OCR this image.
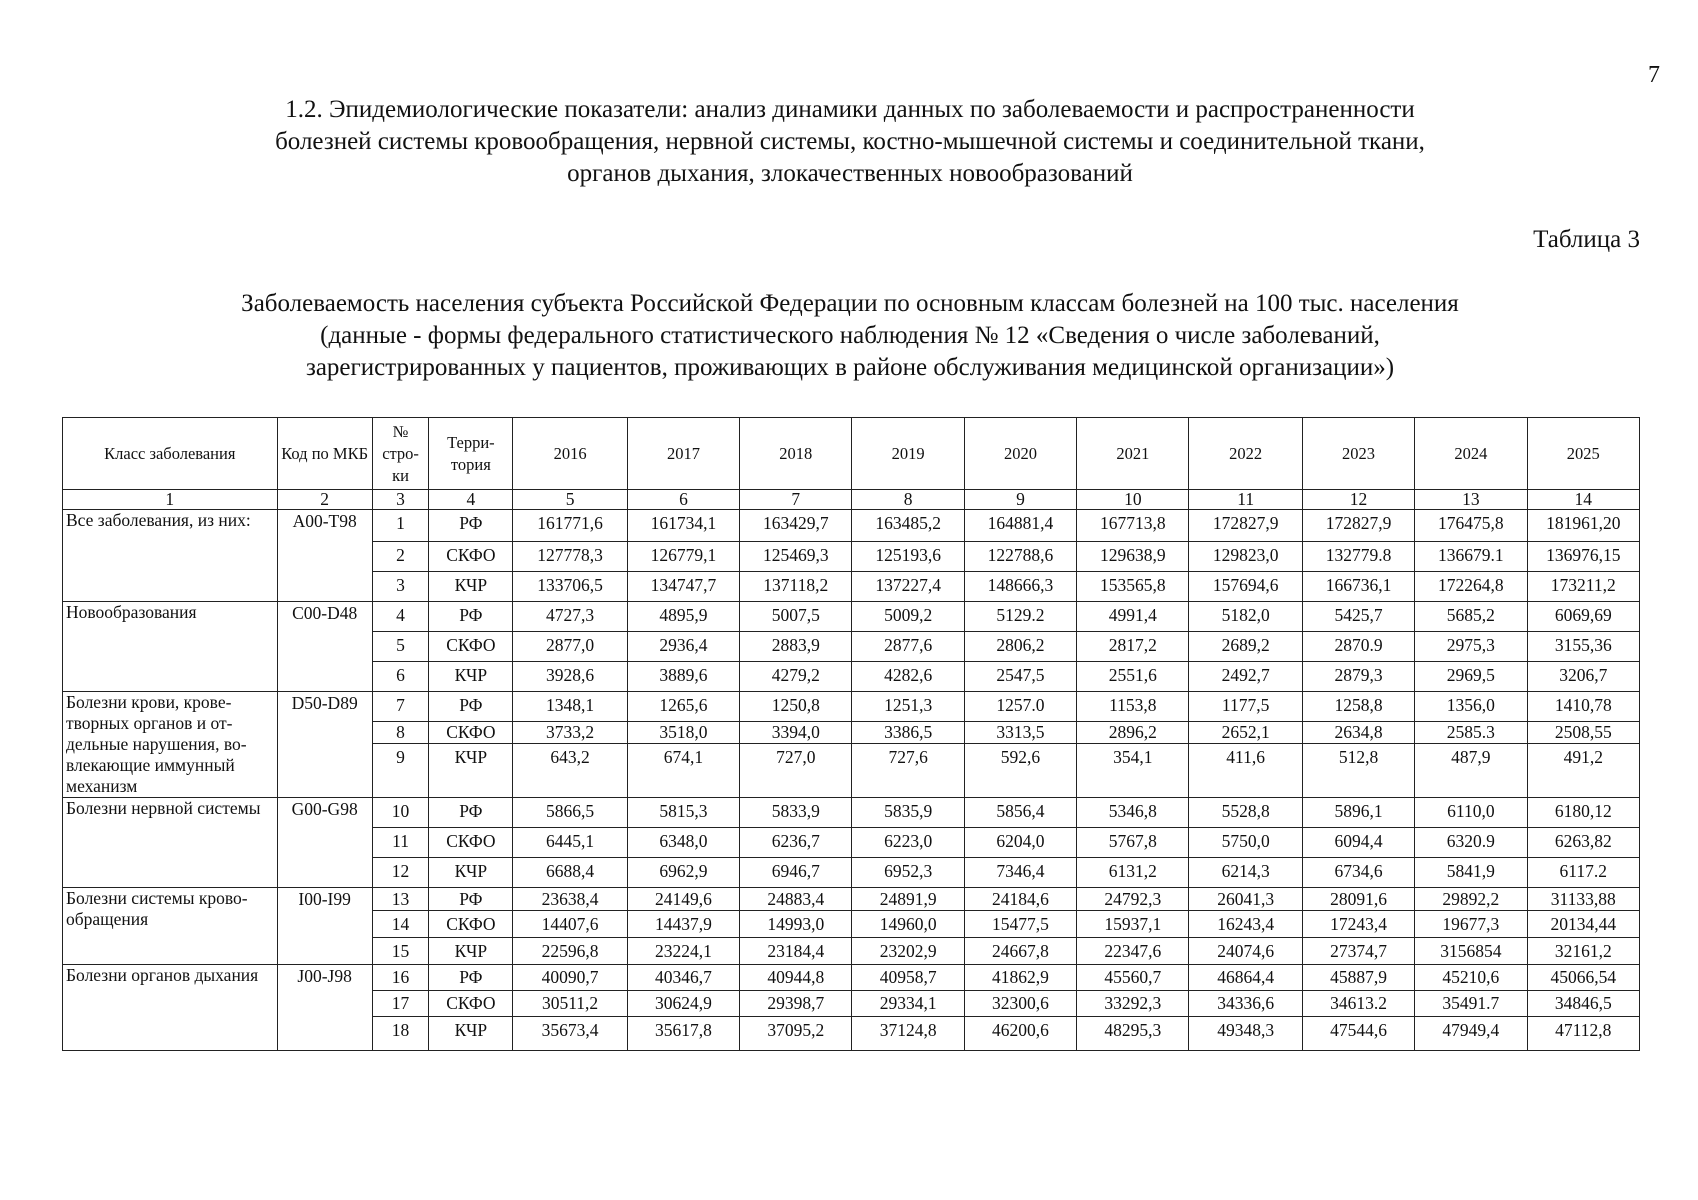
7
1.2. Эпидемиологические показатели: анализ динамики данных по заболеваемости и распространенности
болезней системы кровообращения, нервной системы, костно-мышечной системы и соединительной ткани,
органов дыхания, злокачественных новообразований
Таблица 3
Заболеваемость населения субъекта Российской Федерации по основным классам болезней на 100 тыс. населения
(данные - формы федерального статистического наблюдения № 12 «Сведения о числе заболеваний,
зарегистрированных у пациентов, проживающих в районе обслуживания медицинской организации»)
Класс заболевания	Код по МКБ	№ стро-ки	Терри-тория	2016	2017	2018	2019	2020	2021	2022	2023	2024	2025
1	2	3	4	5	6	7	8	9	10	11	12	13	14

Все заболевания, из них:	А00-Т98	1	РФ	161771,6	161734,1	163429,7	163485,2	164881,4	167713,8	172827,9	172827,9	176475,8	181961,20
		2	СКФО	127778,3	126779,1	125469,3	125193,6	122788,6	129638,9	129823,0	132779.8	136679.1	136976,15
		3	КЧР	133706,5	134747,7	137118,2	137227,4	148666,3	153565,8	157694,6	166736,1	172264,8	173211,2

Новообразования	С00-D48	4	РФ	4727,3	4895,9	5007,5	5009,2	5129.2	4991,4	5182,0	5425,7	5685,2	6069,69
		5	СКФО	2877,0	2936,4	2883,9	2877,6	2806,2	2817,2	2689,2	2870.9	2975,3	3155,36
		6	КЧР	3928,6	3889,6	4279,2	4282,6	2547,5	2551,6	2492,7	2879,3	2969,5	3206,7

Болезни крови, крове-
творных органов и от-
дельные нарушения, во-
влекающие иммунный
механизм	D50-D89	7	РФ	1348,1	1265,6	1250,8	1251,3	1257.0	1153,8	1177,5	1258,8	1356,0	1410,78
		8	СКФО	3733,2	3518,0	3394,0	3386,5	3313,5	2896,2	2652,1	2634,8	2585.3	2508,55
		9	КЧР	643,2	674,1	727,0	727,6	592,6	354,1	411,6	512,8	487,9	491,2

Болезни нервной системы	G00-G98	10	РФ	5866,5	5815,3	5833,9	5835,9	5856,4	5346,8	5528,8	5896,1	6110,0	6180,12
		11	СКФО	6445,1	6348,0	6236,7	6223,0	6204,0	5767,8	5750,0	6094,4	6320.9	6263,82
		12	КЧР	6688,4	6962,9	6946,7	6952,3	7346,4	6131,2	6214,3	6734,6	5841,9	6117.2

Болезни системы крово-
обращения	I00-I99	13	РФ	23638,4	24149,6	24883,4	24891,9	24184,6	24792,3	26041,3	28091,6	29892,2	31133,88
		14	СКФО	14407,6	14437,9	14993,0	14960,0	15477,5	15937,1	16243,4	17243,4	19677,3	20134,44
		15	КЧР	22596,8	23224,1	23184,4	23202,9	24667,8	22347,6	24074,6	27374,7	3156854	32161,2

Болезни органов дыхания	J00-J98	16	РФ	40090,7	40346,7	40944,8	40958,7	41862,9	45560,7	46864,4	45887,9	45210,6	45066,54
		17	СКФО	30511,2	30624,9	29398,7	29334,1	32300,6	33292,3	34336,6	34613.2	35491.7	34846,5
		18	КЧР	35673,4	35617,8	37095,2	37124,8	46200,6	48295,3	49348,3	47544,6	47949,4	47112,8
